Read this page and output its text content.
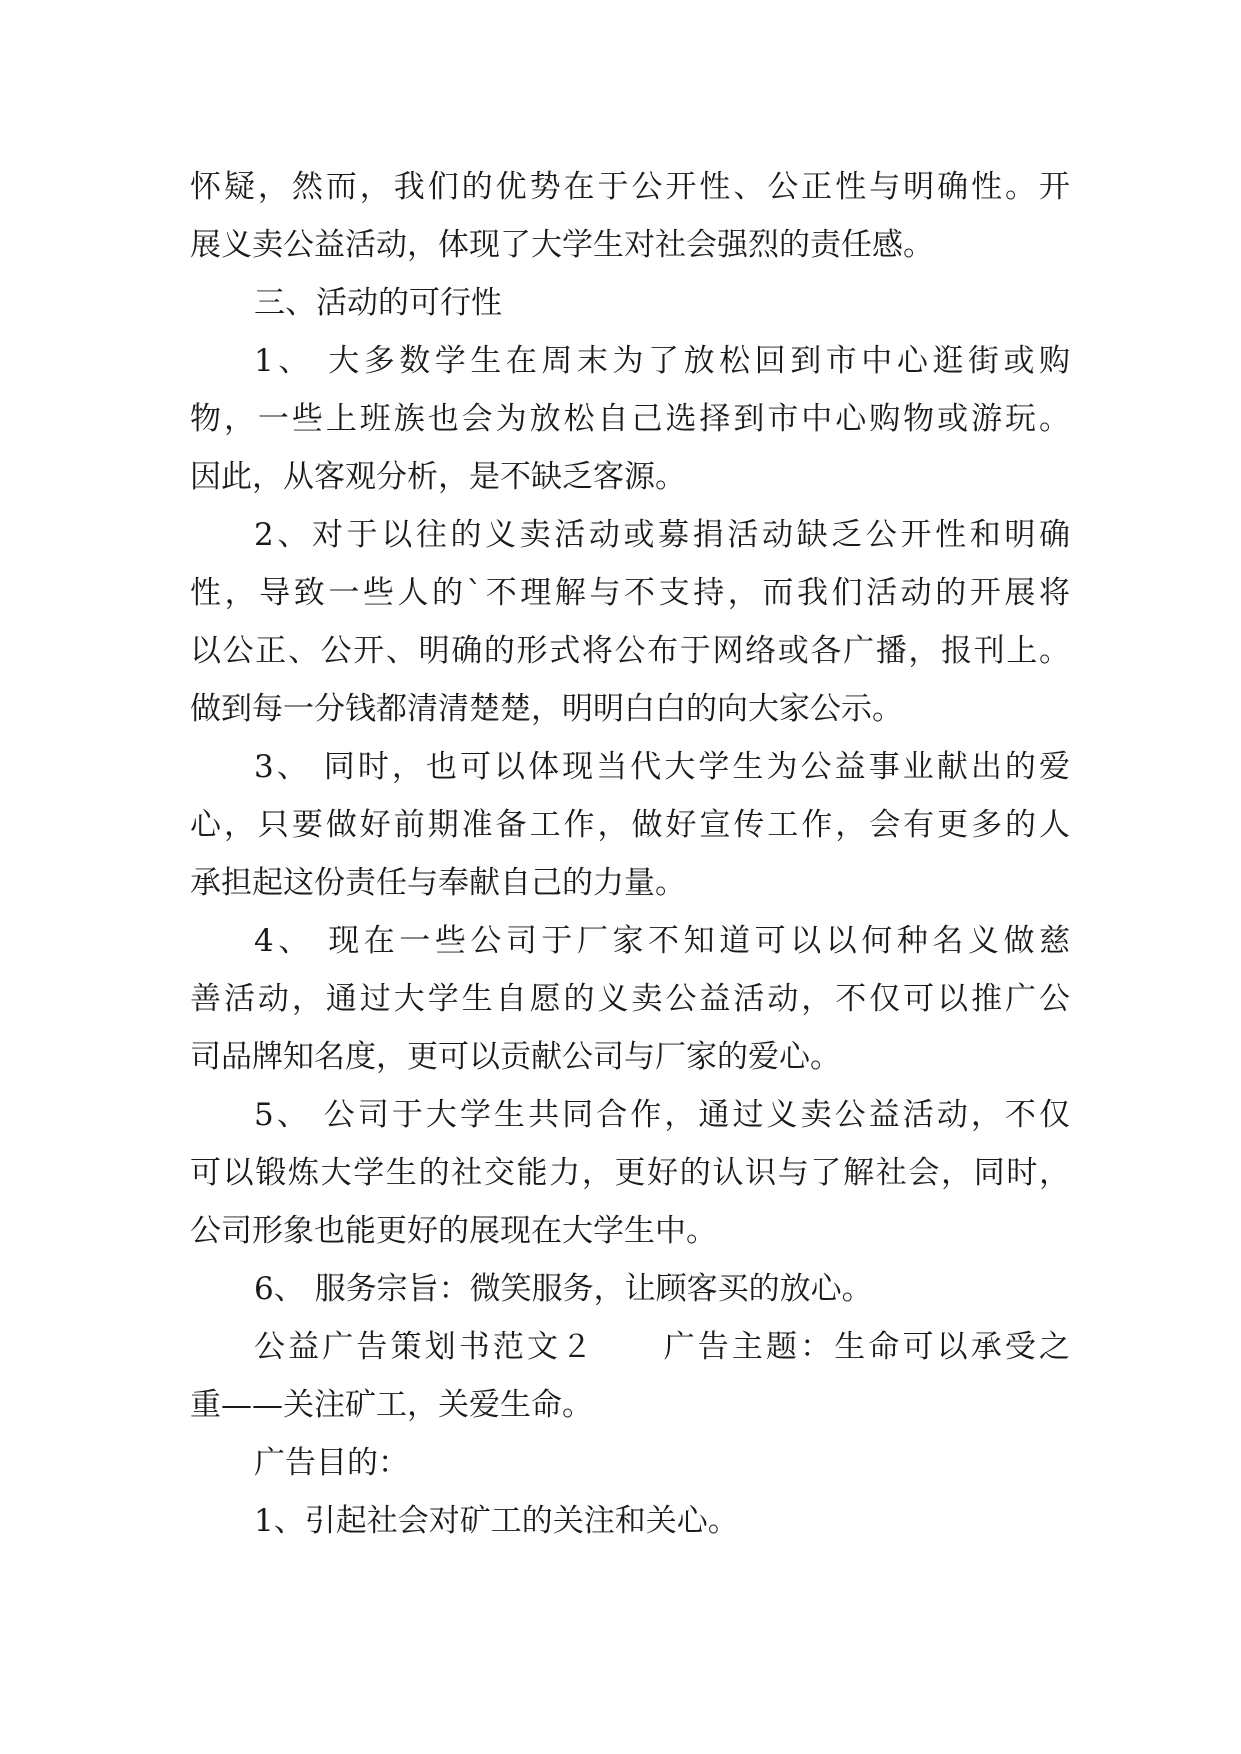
怀疑，然而，我们的优势在于公开性、公正性与明确性。开
展义卖公益活动，体现了大学生对社会强烈的责任感。
三、活动的可行性
1、 大多数学生在周末为了放松回到市中心逛街或购
物，一些上班族也会为放松自己选择到市中心购物或游玩。
因此，从客观分析，是不缺乏客源。
2、对于以往的义卖活动或募捐活动缺乏公开性和明确
性，导致一些人的`不理解与不支持，而我们活动的开展将
以公正、公开、明确的形式将公布于网络或各广播，报刊上。
做到每一分钱都清清楚楚，明明白白的向大家公示。
3、 同时，也可以体现当代大学生为公益事业献出的爱
心，只要做好前期准备工作，做好宣传工作，会有更多的人
承担起这份责任与奉献自己的力量。
4、 现在一些公司于厂家不知道可以以何种名义做慈
善活动，通过大学生自愿的义卖公益活动，不仅可以推广公
司品牌知名度，更可以贡献公司与厂家的爱心。
5、 公司于大学生共同合作，通过义卖公益活动，不仅
可以锻炼大学生的社交能力，更好的认识与了解社会，同时，
公司形象也能更好的展现在大学生中。
6、 服务宗旨：微笑服务，让顾客买的放心。
公益广告策划书范文２　　广告主题：生命可以承受之
重——关注矿工，关爱生命。
广告目的：
1、引起社会对矿工的关注和关心。
